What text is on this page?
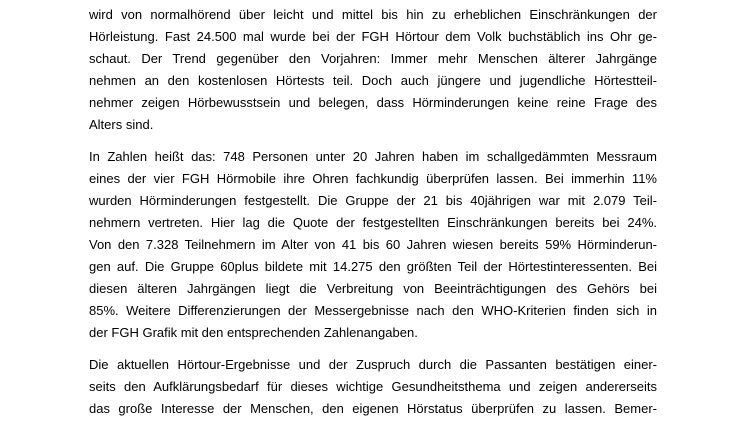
wird von normalhörend über leicht und mittel bis hin zu erheblichen Einschränkungen der
Hörleistung. Fast 24.500 mal wurde bei der FGH Hörtour dem Volk buchstäblich ins Ohr ge-
schaut. Der Trend gegenüber den Vorjahren: Immer mehr Menschen älterer Jahrgänge
nehmen an den kostenlosen Hörtests teil. Doch auch jüngere und jugendliche Hörtestteil-
nehmer zeigen Hörbewusstsein und belegen, dass Hörminderungen keine reine Frage des
Alters sind.

In Zahlen heißt das: 748 Personen unter 20 Jahren haben im schallgedämmten Messraum
eines der vier FGH Hörmobile ihre Ohren fachkundig überprüfen lassen. Bei immerhin 11%
wurden Hörminderungen festgestellt. Die Gruppe der 21 bis 40jährigen war mit 2.079 Teil-
nehmern vertreten. Hier lag die Quote der festgestellten Einschränkungen bereits bei 24%.
Von den 7.328 Teilnehmern im Alter von 41 bis 60 Jahren wiesen bereits 59% Hörminderun-
gen auf. Die Gruppe 60plus bildete mit 14.275 den größten Teil der Hörtestinteressenten. Bei
diesen älteren Jahrgängen liegt die Verbreitung von Beeinträchtigungen des Gehörs bei
85%. Weitere Differenzierungen der Messergebnisse nach den WHO-Kriterien finden sich in
der FGH Grafik mit den entsprechenden Zahlenangaben.

Die aktuellen Hörtour-Ergebnisse und der Zuspruch durch die Passanten bestätigen einer-
seits den Aufklärungsbedarf für dieses wichtige Gesundheitsthema und zeigen andererseits
das große Interesse der Menschen, den eigenen Hörstatus überprüfen zu lassen. Bemer-
